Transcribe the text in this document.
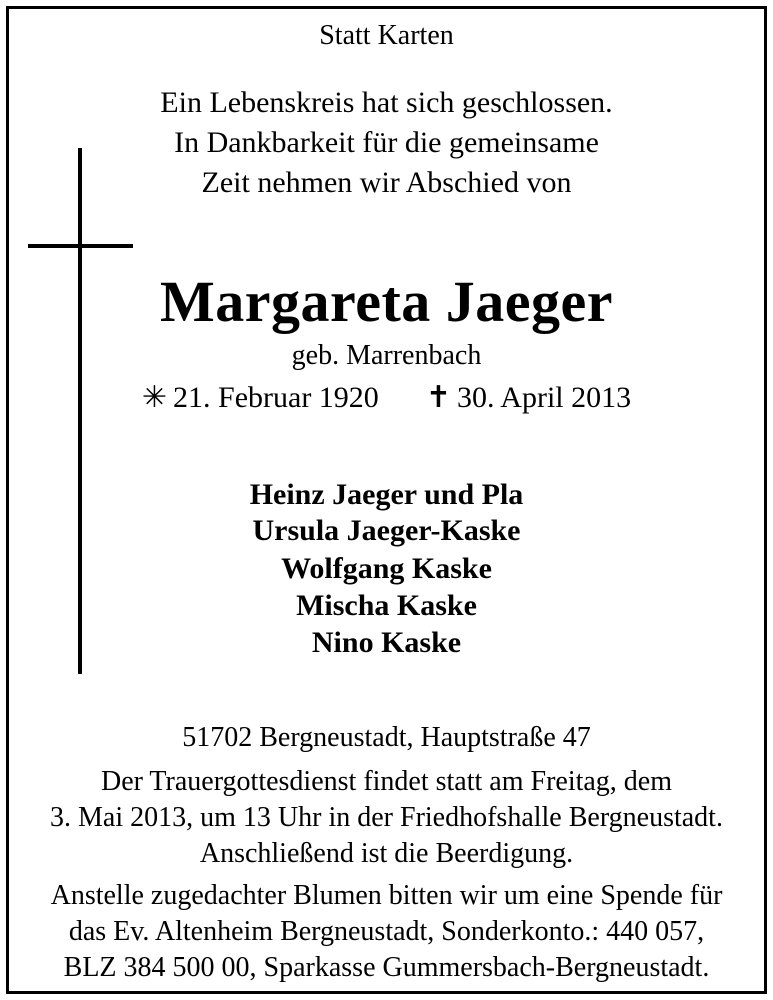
Statt Karten
Ein Lebenskreis hat sich geschlossen.
In Dankbarkeit für die gemeinsame
Zeit nehmen wir Abschied von
Margareta Jaeger
geb. Marrenbach
✳ 21. Februar 1920 ✝ 30. April 2013
Heinz Jaeger und Pla
Ursula Jaeger-Kaske
Wolfgang Kaske
Mischa Kaske
Nino Kaske
51702 Bergneustadt, Hauptstraße 47
Der Trauergottesdienst findet statt am Freitag, dem
3. Mai 2013, um 13 Uhr in der Friedhofshalle Bergneustadt.
Anschließend ist die Beerdigung.
Anstelle zugedachter Blumen bitten wir um eine Spende für
das Ev. Altenheim Bergneustadt, Sonderkonto.: 440 057,
BLZ 384 500 00, Sparkasse Gummersbach-Bergneustadt.
